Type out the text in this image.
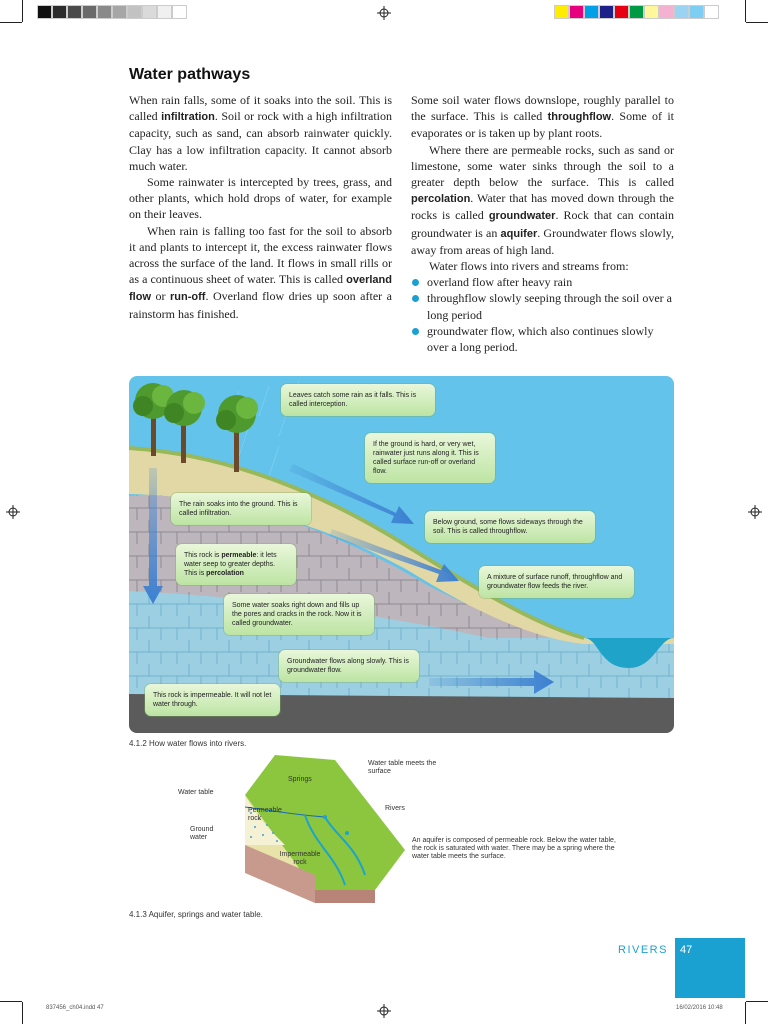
Water pathways

When rain falls, some of it soaks into the soil. This is called infiltration. Soil or rock with a high infiltration capacity, such as sand, can absorb rainwater quickly. Clay has a low infiltration capacity. It cannot absorb much water.

Some rainwater is intercepted by trees, grass, and other plants, which hold drops of water, for example on their leaves.

When rain is falling too fast for the soil to absorb it and plants to intercept it, the excess rainwater flows across the surface of the land. It flows in small rills or as a continuous sheet of water. This is called overland flow or run-off. Overland flow dries up soon after a rainstorm has finished.

Some soil water flows downslope, roughly parallel to the surface. This is called throughflow. Some of it evaporates or is taken up by plant roots.

Where there are permeable rocks, such as sand or limestone, some water sinks through the soil to a greater depth below the surface. This is called percolation. Water that has moved down through the rocks is called groundwater. Rock that can contain groundwater is an aquifer. Groundwater flows slowly, away from areas of high land.

Water flows into rivers and streams from:

overland flow after heavy rain
throughflow slowly seeping through the soil over a long period
groundwater flow, which also continues slowly over a long period.
Leaves catch some rain as it falls. This is called interception.
If the ground is hard, or very wet, rainwater just runs along it. This is called surface run-off or overland flow.
The rain soaks into the ground. This is called infiltration.
Below ground, some flows sideways through the soil. This is called throughflow.
This rock is permeable: it lets water seep to greater depths. This is percolation
A mixture of surface runoff, throughflow and groundwater flow feeds the river.
Some water soaks right down and fills up the pores and cracks in the rock. Now it is called groundwater.
Groundwater flows along slowly. This is groundwater flow.
This rock is impermeable. It will not let water through.
4.1.2 How water flows into rivers.
Water table
Springs
Water table meets the surface
Rivers
Permeable rock
Ground water
Impermeable rock
An aquifer is composed of permeable rock. Below the water table, the rock is saturated with water. There may be a spring where the water table meets the surface.
4.1.3 Aquifer, springs and water table.
RIVERS 47
837456_ch04.indd 47	16/02/2016 10:48
